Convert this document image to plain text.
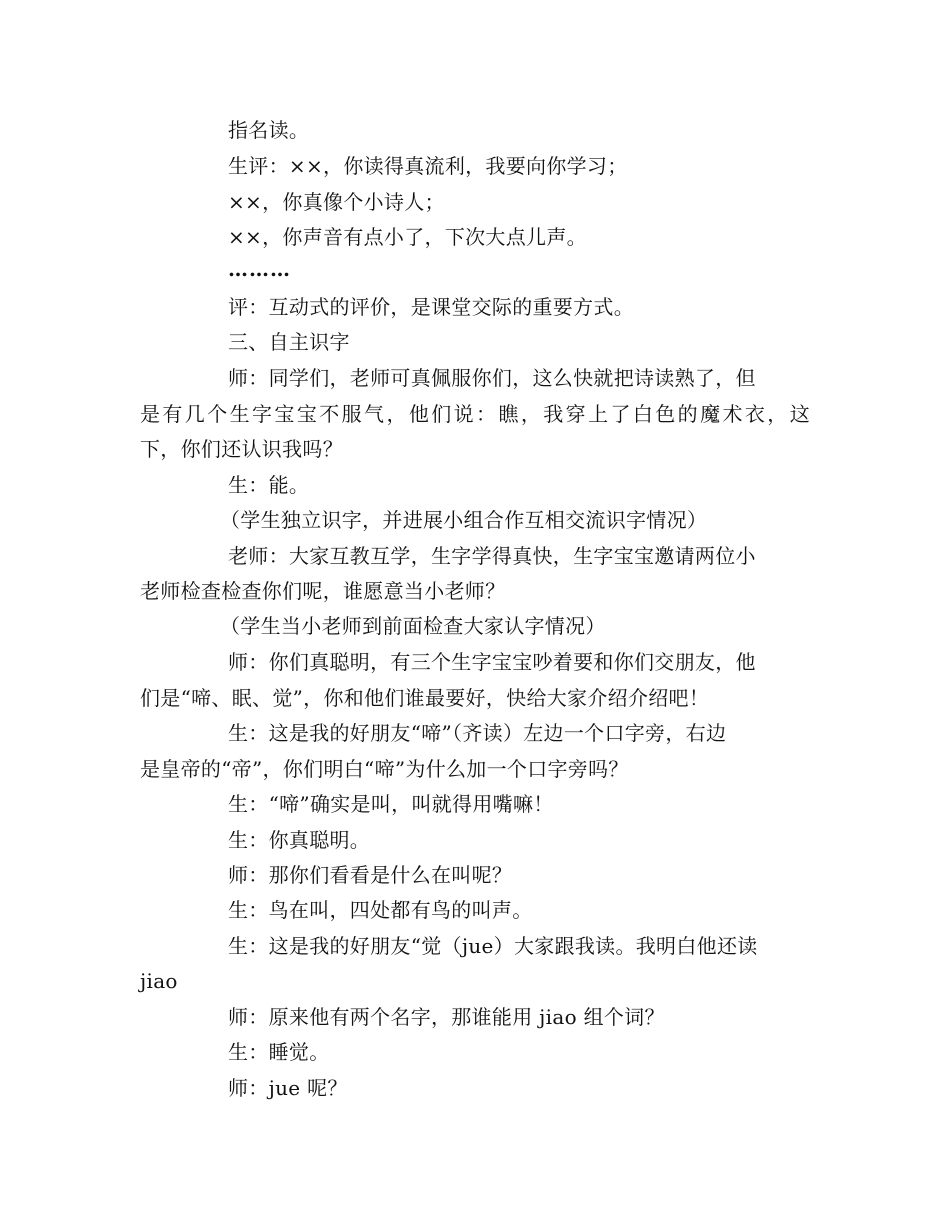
指名读。
生评：××，你读得真流利，我要向你学习；
××，你真像个小诗人；
××，你声音有点小了，下次大点儿声。
………
评：互动式的评价，是课堂交际的重要方式。
三、自主识字
师：同学们，老师可真佩服你们，这么快就把诗读熟了，但
是有几个生字宝宝不服气，他们说：瞧，我穿上了白色的魔术衣，这
下，你们还认识我吗？
生：能。
（学生独立识字，并进展小组合作互相交流识字情况）
老师：大家互教互学，生字学得真快，生字宝宝邀请两位小
老师检查检查你们呢，谁愿意当小老师？
（学生当小老师到前面检查大家认字情况）
师：你们真聪明，有三个生字宝宝吵着要和你们交朋友，他
们是“啼、眠、觉”，你和他们谁最要好，快给大家介绍介绍吧！
生：这是我的好朋友“啼”（齐读）左边一个口字旁，右边
是皇帝的“帝”，你们明白“啼”为什么加一个口字旁吗？
生：“啼”确实是叫，叫就得用嘴嘛！
生：你真聪明。
师：那你们看看是什么在叫呢？
生：鸟在叫，四处都有鸟的叫声。
生：这是我的好朋友“觉（jue）大家跟我读。我明白他还读
jiao
师：原来他有两个名字，那谁能用 jiao 组个词？
生：睡觉。
师：jue 呢？
